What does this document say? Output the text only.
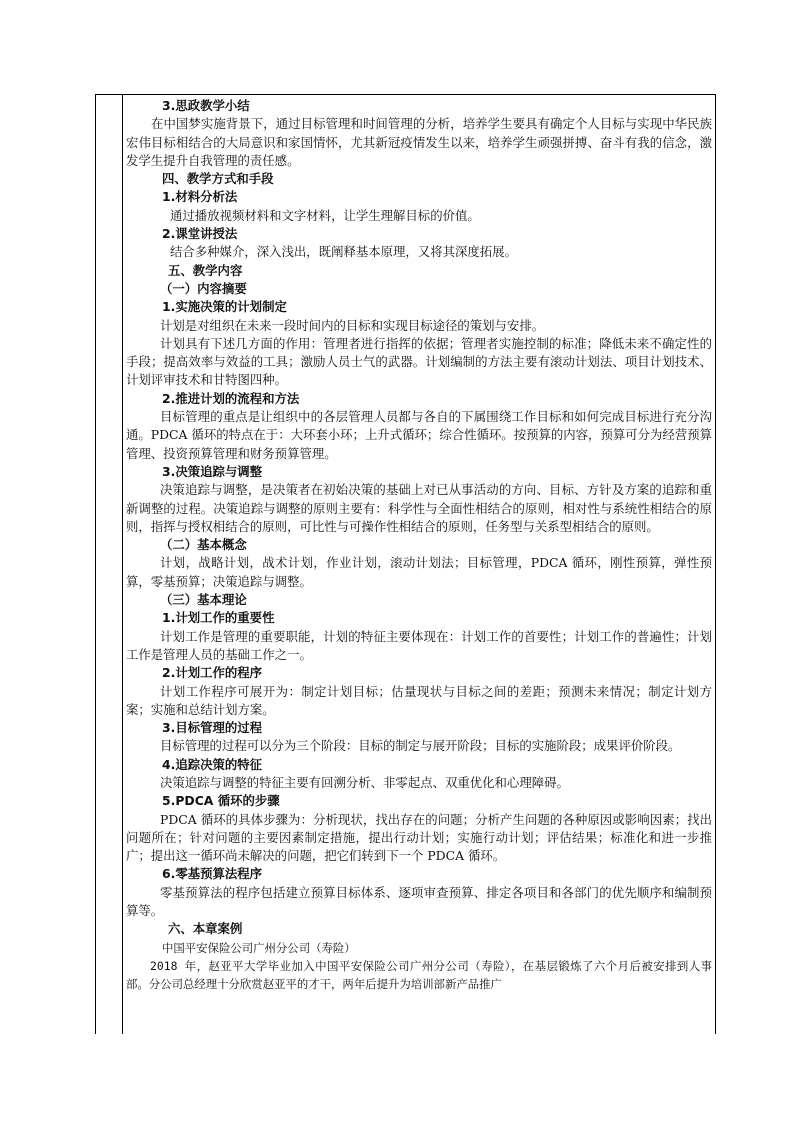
3.思政教学小结

在中国梦实施背景下，通过目标管理和时间管理的分析，培养学生要具有确定个人目标与实现中华民族宏伟目标相结合的大局意识和家国情怀，尤其新冠疫情发生以来，培养学生顽强拼搏、奋斗有我的信念，激发学生提升自我管理的责任感。

四、教学方式和手段

1.材料分析法

通过播放视频材料和文字材料，让学生理解目标的价值。

2.课堂讲授法

结合多种媒介，深入浅出，既阐释基本原理，又将其深度拓展。

五、教学内容

（一）内容摘要

1.实施决策的计划制定

计划是对组织在未来一段时间内的目标和实现目标途径的策划与安排。

计划具有下述几方面的作用：管理者进行指挥的依据；管理者实施控制的标准；降低未来不确定性的手段；提高效率与效益的工具；激励人员士气的武器。计划编制的方法主要有滚动计划法、项目计划技术、计划评审技术和甘特图四种。

2.推进计划的流程和方法

目标管理的重点是让组织中的各层管理人员都与各自的下属围绕工作目标和如何完成目标进行充分沟通。PDCA 循环的特点在于：大环套小环；上升式循环；综合性循环。按预算的内容，预算可分为经营预算管理、投资预算管理和财务预算管理。

3.决策追踪与调整

决策追踪与调整，是决策者在初始决策的基础上对已从事活动的方向、目标、方针及方案的追踪和重新调整的过程。决策追踪与调整的原则主要有：科学性与全面性相结合的原则，相对性与系统性相结合的原则，指挥与授权相结合的原则，可比性与可操作性相结合的原则，任务型与关系型相结合的原则。

（二）基本概念

计划，战略计划，战术计划，作业计划，滚动计划法；目标管理，PDCA 循环，刚性预算，弹性预算，零基预算；决策追踪与调整。

（三）基本理论

1.计划工作的重要性

计划工作是管理的重要职能，计划的特征主要体现在：计划工作的首要性；计划工作的普遍性；计划工作是管理人员的基础工作之一。

2.计划工作的程序

计划工作程序可展开为：制定计划目标；估量现状与目标之间的差距；预测未来情况；制定计划方案；实施和总结计划方案。

3.目标管理的过程

目标管理的过程可以分为三个阶段：目标的制定与展开阶段；目标的实施阶段；成果评价阶段。

4.追踪决策的特征

决策追踪与调整的特征主要有回溯分析、非零起点、双重优化和心理障碍。

5.PDCA 循环的步骤

PDCA 循环的具体步骤为：分析现状，找出存在的问题；分析产生问题的各种原因或影响因素；找出问题所在；针对问题的主要因素制定措施，提出行动计划；实施行动计划；评估结果；标准化和进一步推广；提出这一循环尚未解决的问题，把它们转到下一个 PDCA 循环。

6.零基预算法程序

零基预算法的程序包括建立预算目标体系、逐项审查预算、排定各项目和各部门的优先顺序和编制预算等。

六、本章案例

中国平安保险公司广州分公司（寿险）

2018 年，赵亚平大学毕业加入中国平安保险公司广州分公司（寿险），在基层锻炼了六个月后被安排到人事部。分公司总经理十分欣赏赵亚平的才干，两年后提升为培训部新产品推广
